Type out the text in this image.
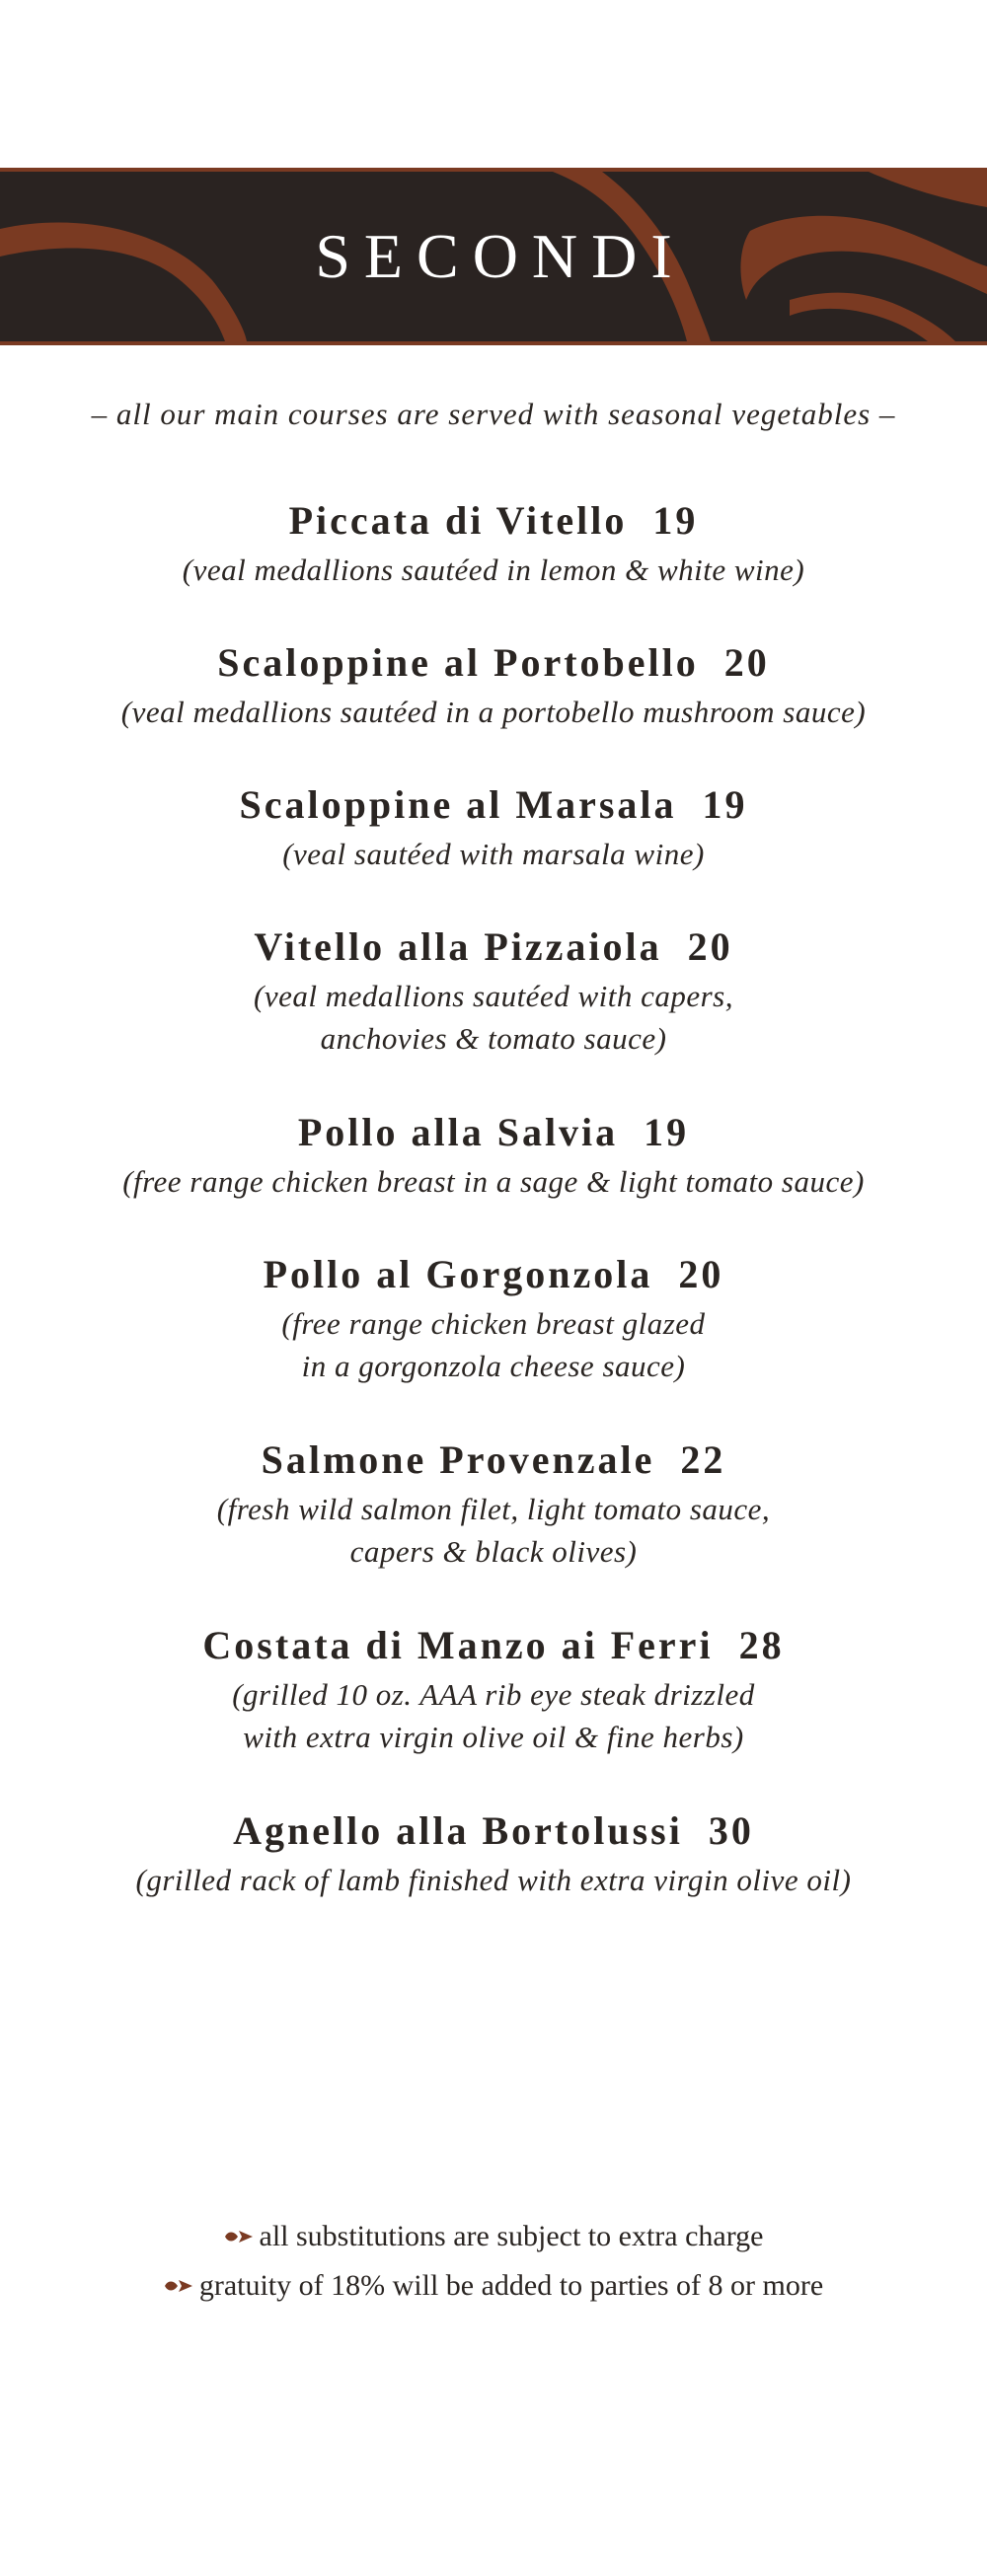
SECONDI
– all our main courses are served with seasonal vegetables –
Piccata di Vitello 19
(veal medallions sautéed in lemon & white wine)
Scaloppine al Portobello 20
(veal medallions sautéed in a portobello mushroom sauce)
Scaloppine al Marsala 19
(veal sautéed with marsala wine)
Vitello alla Pizzaiola 20
(veal medallions sautéed with capers,
anchovies & tomato sauce)
Pollo alla Salvia 19
(free range chicken breast in a sage & light tomato sauce)
Pollo al Gorgonzola 20
(free range chicken breast glazed
in a gorgonzola cheese sauce)
Salmone Provenzale 22
(fresh wild salmon filet, light tomato sauce,
capers & black olives)
Costata di Manzo ai Ferri 28
(grilled 10 oz. AAA rib eye steak drizzled
with extra virgin olive oil & fine herbs)
Agnello alla Bortolussi 30
(grilled rack of lamb finished with extra virgin olive oil)
all substitutions are subject to extra charge
gratuity of 18% will be added to parties of 8 or more
